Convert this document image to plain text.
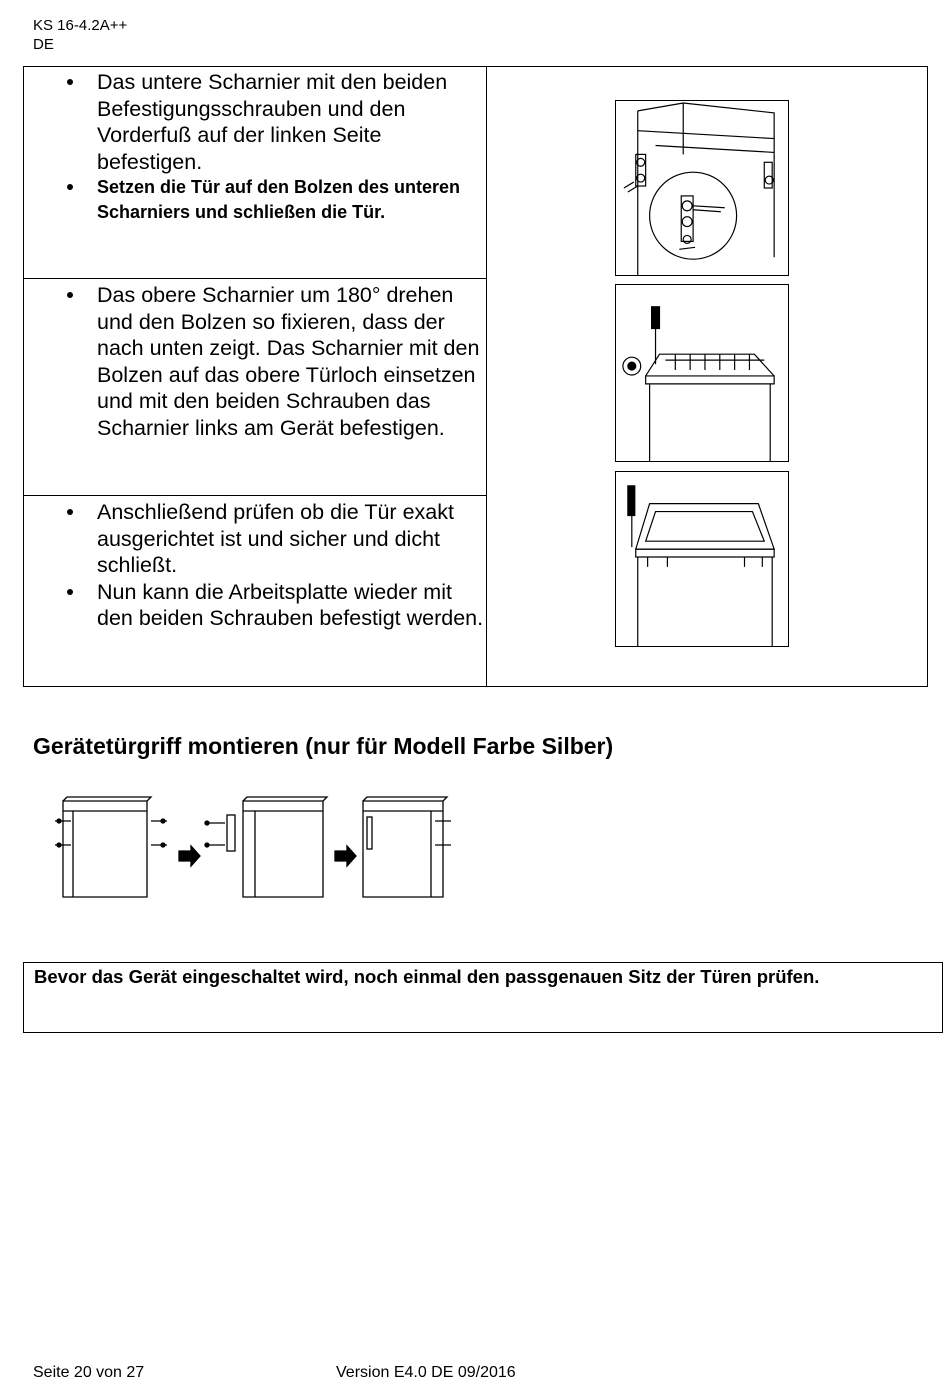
KS 16-4.2A++
DE
Das untere Scharnier mit den beiden Befestigungsschrauben und den Vorderfuß auf der linken Seite befestigen.
Setzen die Tür auf den Bolzen des unteren Scharniers und schließen die Tür.
Das obere Scharnier um 180° drehen und den Bolzen so fixieren, dass der nach unten zeigt. Das Scharnier mit den Bolzen auf das obere Türloch einsetzen und mit den beiden Schrauben das Scharnier links am Gerät befestigen.
Anschließend prüfen ob die Tür exakt ausgerichtet ist und sicher und dicht schließt.
Nun kann die Arbeitsplatte wieder mit den beiden Schrauben befestigt werden.
Gerätetürgriff montieren (nur für Modell Farbe Silber)
Bevor das Gerät eingeschaltet wird, noch einmal den passgenauen Sitz der Türen prüfen.
Seite 20 von 27	Version E4.0 DE 09/2016
